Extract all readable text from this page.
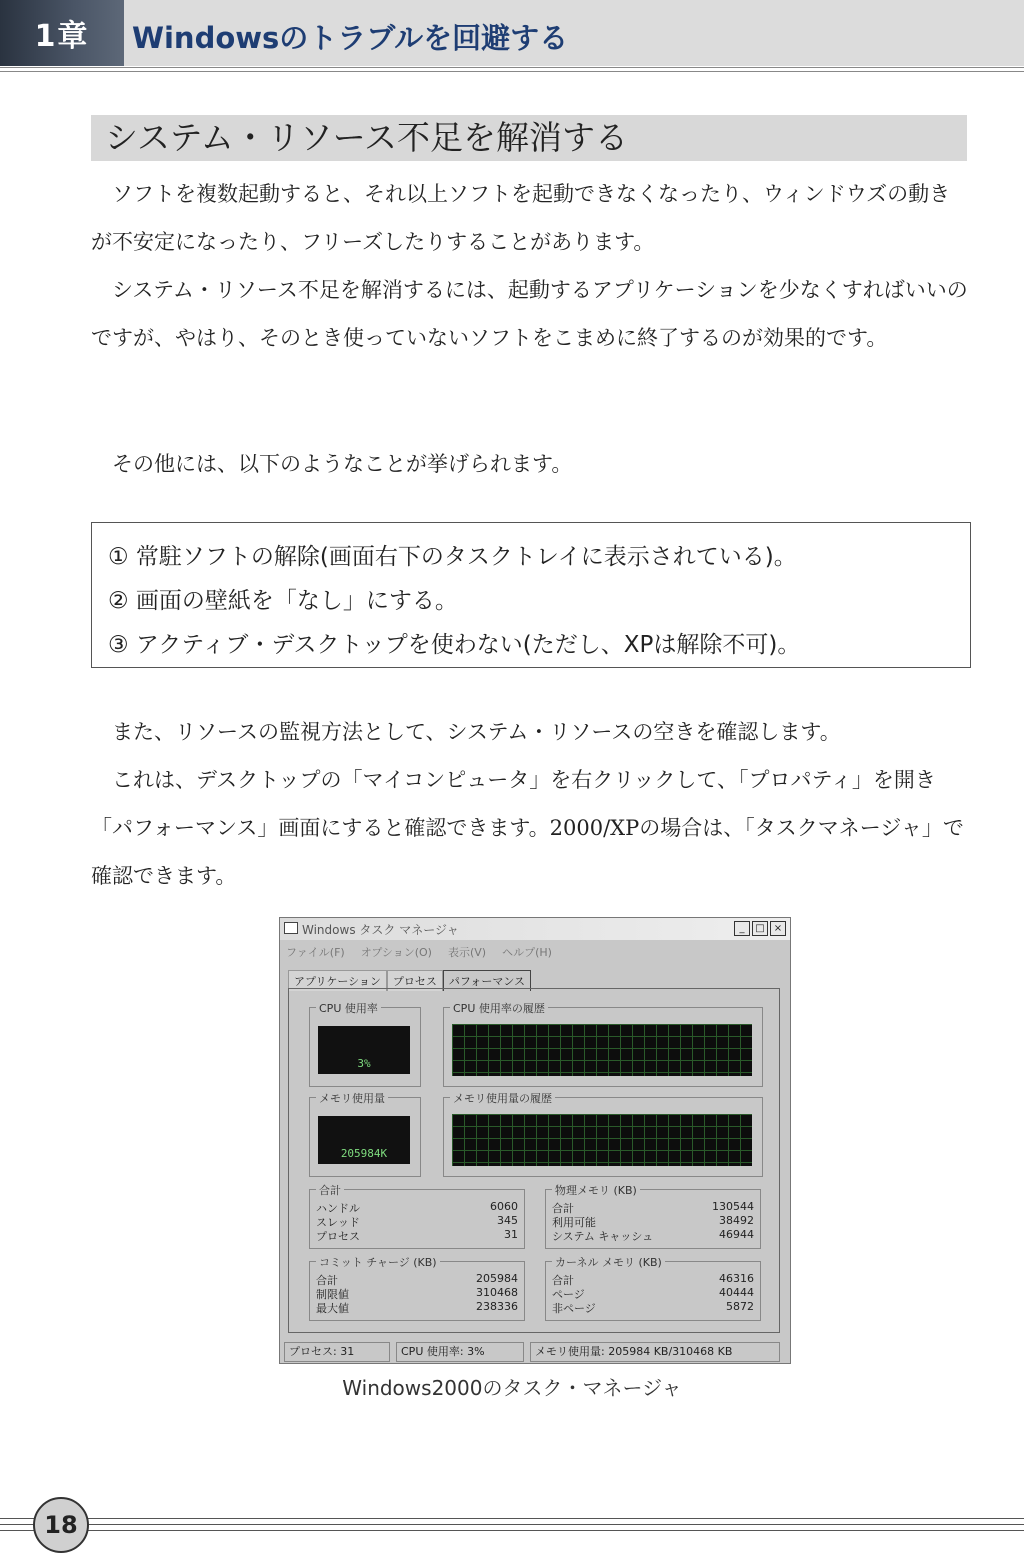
1章	Windowsのトラブルを回避する
システム・リソース不足を解消する
ソフトを複数起動すると、それ以上ソフトを起動できなくなったり、ウィンドウズの動きが不安定になったり、フリーズしたりすることがあります。
システム・リソース不足を解消するには、起動するアプリケーションを少なくすればいいのですが、やはり、そのとき使っていないソフトをこまめに終了するのが効果的です。
その他には、以下のようなことが挙げられます。
① 常駐ソフトの解除(画面右下のタスクトレイに表示されている)。
② 画面の壁紙を「なし」にする。
③ アクティブ・デスクトップを使わない(ただし、XPは解除不可)。
また、リソースの監視方法として、システム・リソースの空きを確認します。
これは、デスクトップの「マイコンピュータ」を右クリックして、「プロパティ」を開き「パフォーマンス」画面にすると確認できます。2000/XPの場合は、「タスクマネージャ」で確認できます。
Windows タスク マネージャ	_	□ ×
ファイル(F) オプション(O) 表示(V) ヘルプ(H)
アプリケーション	プロセス	パフォーマンス
CPU 使用率
3%
CPU 使用率の履歴
メモリ使用量
205984K
メモリ使用量の履歴
合計
ハンドル	6060
スレッド	345
プロセス	31
物理メモリ (KB)
合計	130544
利用可能	38492
システム キャッシュ	46944
コミット チャージ (KB)
合計	205984
制限値	310468
最大値	238336
カーネル メモリ (KB)
合計	46316
ページ	40444
非ページ	5872
プロセス: 31	CPU 使用率: 3%	メモリ使用量: 205984 KB/310468 KB
Windows2000のタスク・マネージャ
18
